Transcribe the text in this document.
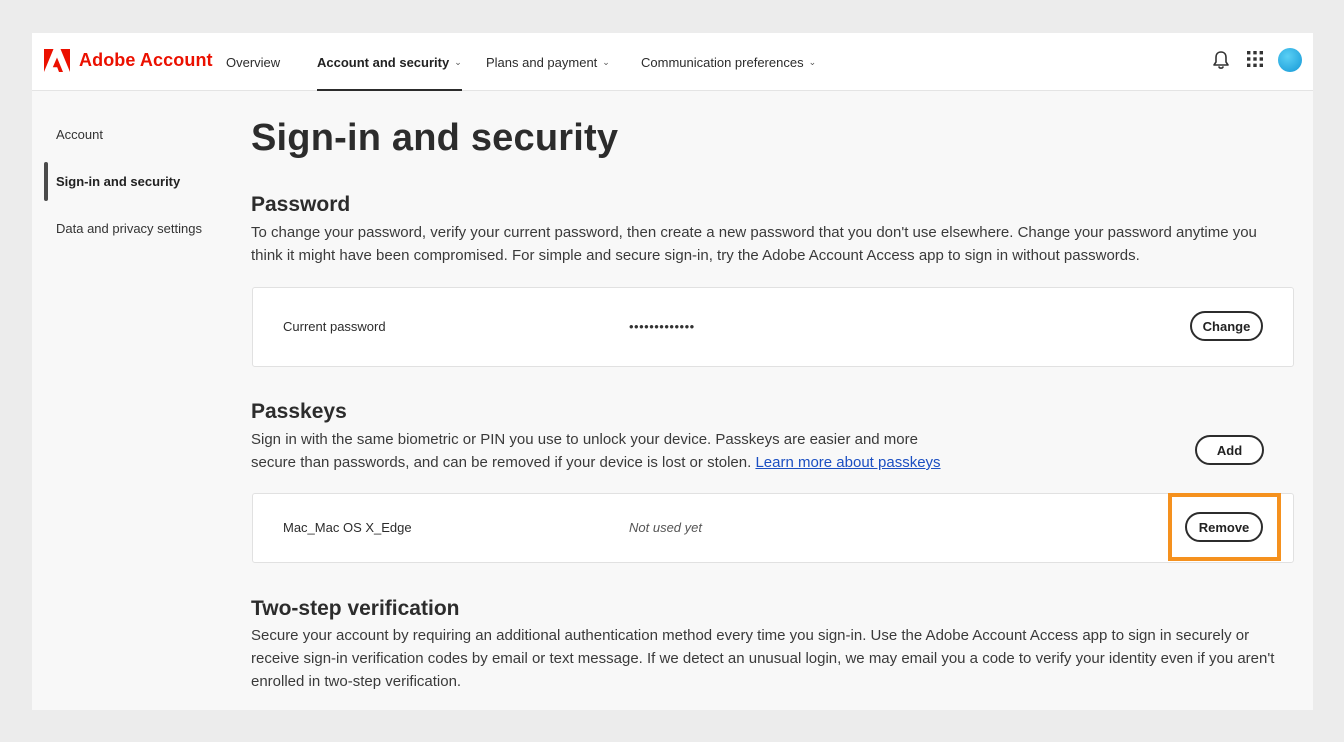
Adobe Account Overview	Account and security ⌄ Plans and payment ⌄ Communication preferences ⌄
Account
Sign-in and security
Data and privacy settings
Sign-in and security
Password
To change your password, verify your current password, then create a new password that you don't use elsewhere. Change your password anytime you think it might have been compromised. For simple and secure sign-in, try the Adobe Account Access app to sign in without passwords.
Current password	•••••••••••••	Change
Passkeys
Sign in with the same biometric or PIN you use to unlock your device. Passkeys are easier and more secure than passwords, and can be removed if your device is lost or stolen. Learn more about passkeys
Add
Mac_Mac OS X_Edge	Not used yet	Remove
Two-step verification
Secure your account by requiring an additional authentication method every time you sign-in. Use the Adobe Account Access app to sign in securely or receive sign-in verification codes by email or text message. If we detect an unusual login, we may email you a code to verify your identity even if you aren't enrolled in two-step verification.
